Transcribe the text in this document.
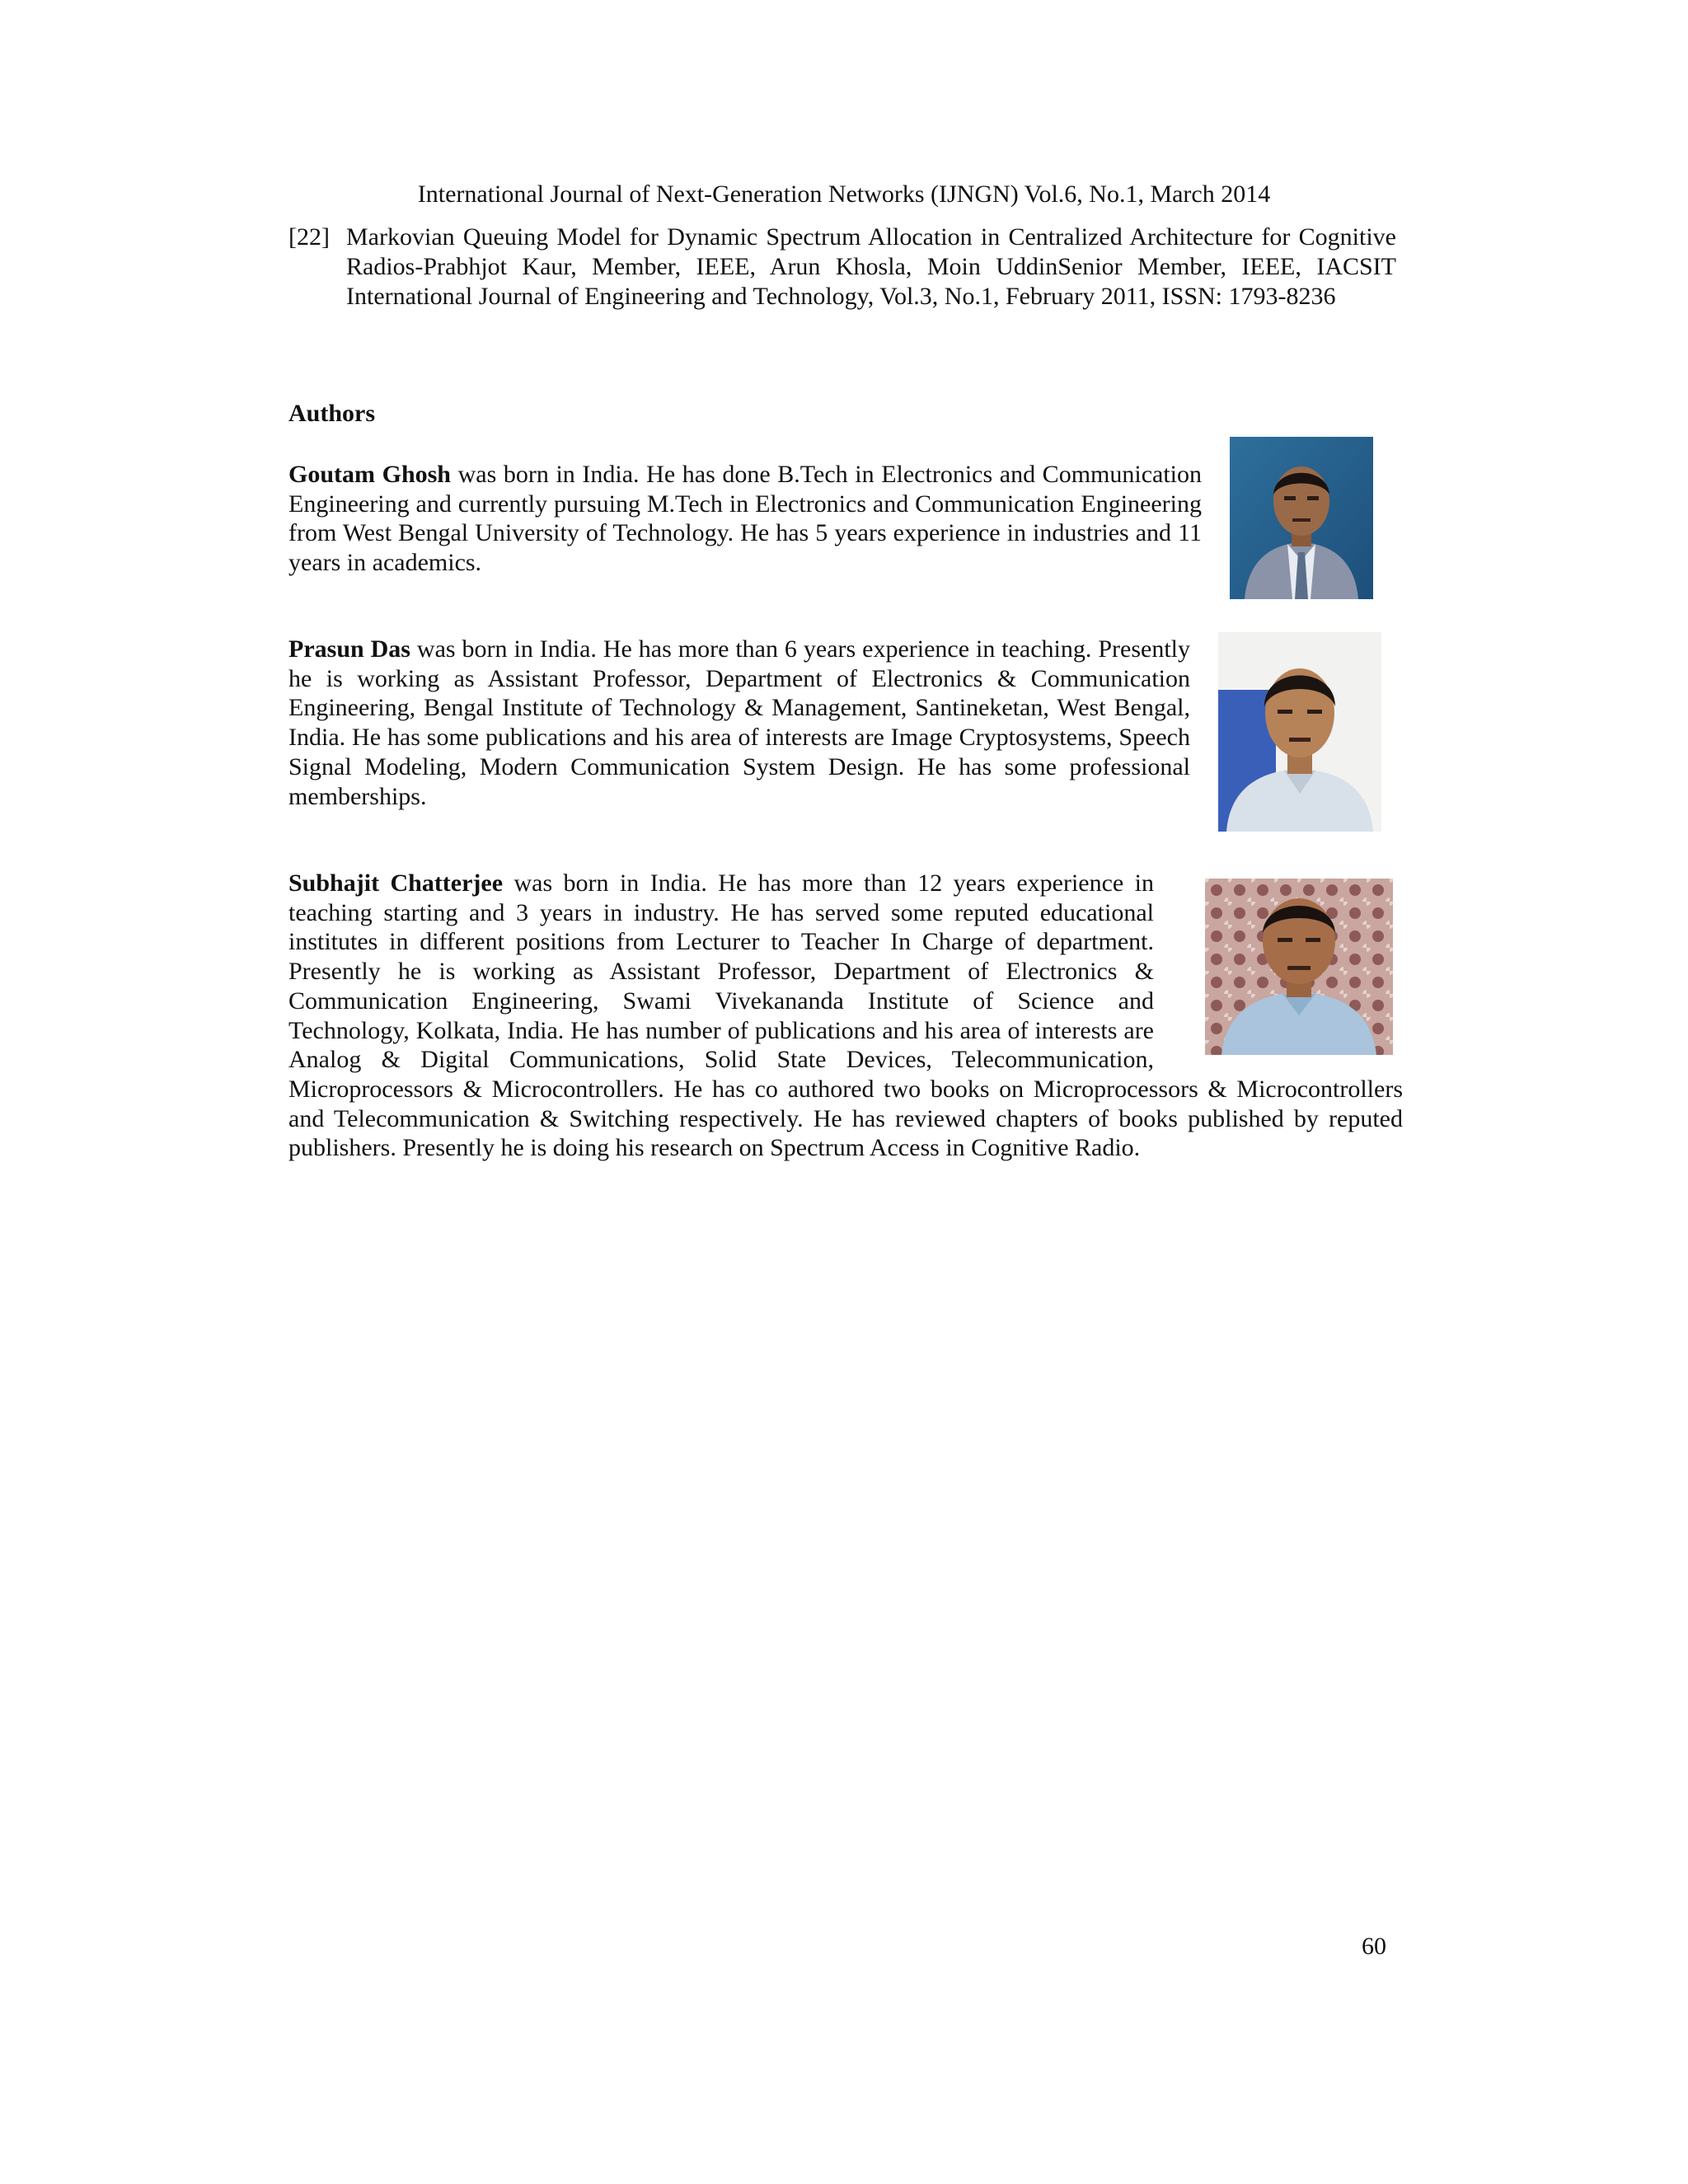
International Journal of Next-Generation Networks (IJNGN) Vol.6, No.1, March 2014
[22] Markovian Queuing Model for Dynamic Spectrum Allocation in Centralized Architecture for Cognitive Radios-Prabhjot Kaur, Member, IEEE, Arun Khosla, Moin UddinSenior Member, IEEE, IACSIT International Journal of Engineering and Technology, Vol.3, No.1, February 2011, ISSN: 1793-8236
Authors
Goutam Ghosh was born in India. He has done B.Tech in Electronics and Communication Engineering and currently pursuing M.Tech in Electronics and Communication Engineering from West Bengal University of Technology. He has 5 years experience in industries and 11 years in academics.
Prasun Das was born in India. He has more than 6 years experience in teaching. Presently he is working as Assistant Professor, Department of Electronics & Communication Engineering, Bengal Institute of Technology & Management, Santineketan, West Bengal, India. He has some publications and his area of interests are Image Cryptosystems, Speech Signal Modeling, Modern Communication System Design. He has some professional memberships.
Subhajit Chatterjee was born in India. He has more than 12 years experience in teaching starting and 3 years in industry. He has served some reputed educational institutes in different positions from Lecturer to Teacher In Charge of department. Presently he is working as Assistant Professor, Department of Electronics & Communication Engineering, Swami Vivekananda Institute of Science and Technology, Kolkata, India. He has number of publications and his area of interests are Analog & Digital Communications, Solid State Devices, Telecommunication, Microprocessors & Microcontrollers. He has co authored two books on Microprocessors & Microcontrollers and Telecommunication & Switching respectively. He has reviewed chapters of books published by reputed publishers. Presently he is doing his research on Spectrum Access in Cognitive Radio.
60
